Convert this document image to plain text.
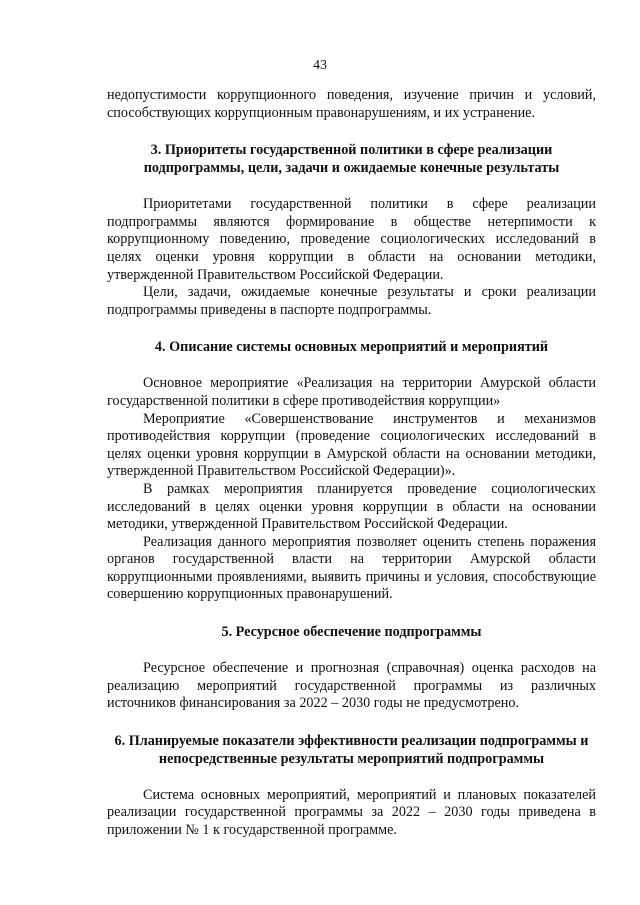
43

недопустимости коррупционного поведения, изучение причин и условий, способствующих коррупционным правонарушениям, и их устранение.

3. Приоритеты государственной политики в сфере реализации

подпрограммы, цели, задачи и ожидаемые конечные результаты

Приоритетами государственной политики в сфере реализации подпрограммы являются формирование в обществе нетерпимости к коррупционному поведению, проведение социологических исследований в целях оценки уровня коррупции в области на основании методики, утвержденной Правительством Российской Федерации.

Цели, задачи, ожидаемые конечные результаты и сроки реализации подпрограммы приведены в паспорте подпрограммы.

4. Описание системы основных мероприятий и мероприятий

Основное мероприятие «Реализация на территории Амурской области государственной политики в сфере противодействия коррупции»

Мероприятие «Совершенствование инструментов и механизмов противодействия коррупции (проведение социологических исследований в целях оценки уровня коррупции в Амурской области на основании методики, утвержденной Правительством Российской Федерации)».

В рамках мероприятия планируется проведение социологических исследований в целях оценки уровня коррупции в области на основании методики, утвержденной Правительством Российской Федерации.

Реализация данного мероприятия позволяет оценить степень поражения органов государственной власти на территории Амурской области коррупционными проявлениями, выявить причины и условия, способствующие совершению коррупционных правонарушений.

5. Ресурсное обеспечение подпрограммы

Ресурсное обеспечение и прогнозная (справочная) оценка расходов на реализацию мероприятий государственной программы из различных источников финансирования за 2022 – 2030 годы не предусмотрено.

6. Планируемые показатели эффективности реализации подпрограммы и

непосредственные результаты мероприятий подпрограммы

Система основных мероприятий, мероприятий и плановых показателей реализации государственной программы за 2022 – 2030 годы приведена в приложении № 1 к государственной программе.
